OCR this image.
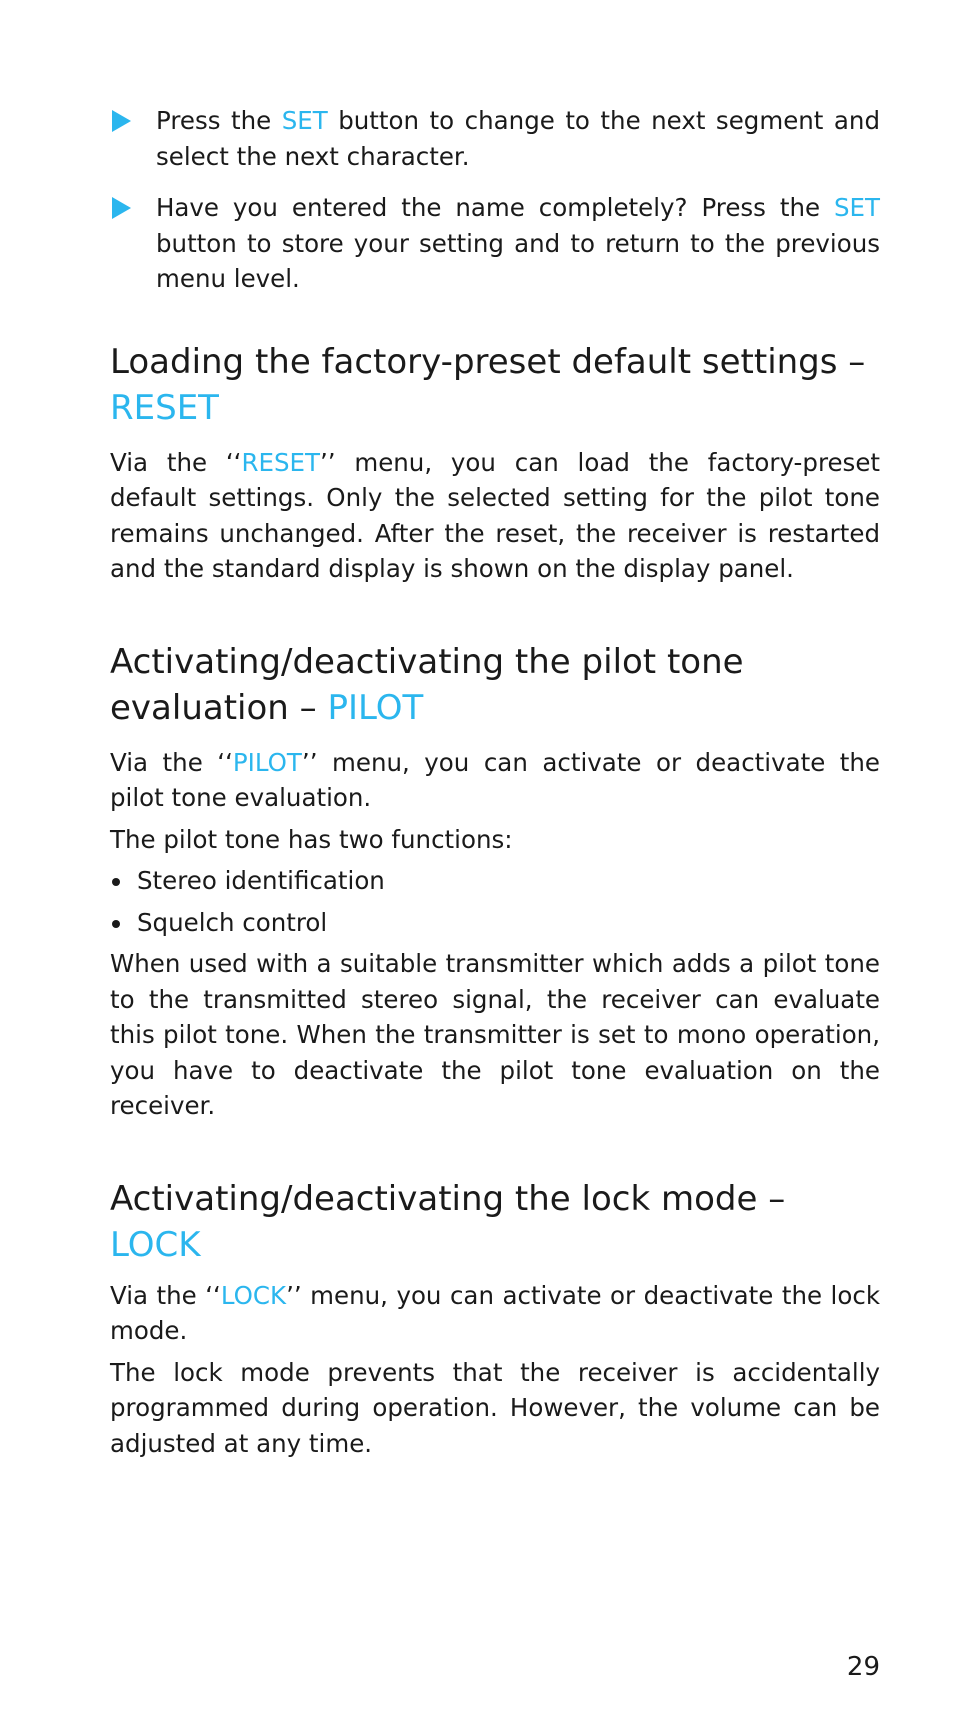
Press the SET button to change to the next segment and select the next character.
Have you entered the name completely? Press the SET button to store your setting and to return to the previous menu level.
Loading the factory-preset default settings – RESET

Via the ‘‘RESET’’ menu, you can load the factory-preset default settings. Only the selected setting for the pilot tone remains unchanged. After the reset, the receiver is restarted and the standard display is shown on the display panel.

Activating/deactivating the pilot tone evaluation – PILOT

Via the ‘‘PILOT’’ menu, you can activate or deactivate the pilot tone evaluation.

The pilot tone has two functions:

Stereo identification
Squelch control

When used with a suitable transmitter which adds a pilot tone to the transmitted stereo signal, the receiver can evaluate this pilot tone. When the transmitter is set to mono operation, you have to deactivate the pilot tone evaluation on the receiver.

Activating/deactivating the lock mode – LOCK

Via the ‘‘LOCK’’ menu, you can activate or deactivate the lock mode.

The lock mode prevents that the receiver is accidentally programmed during operation. However, the volume can be adjusted at any time.

29
